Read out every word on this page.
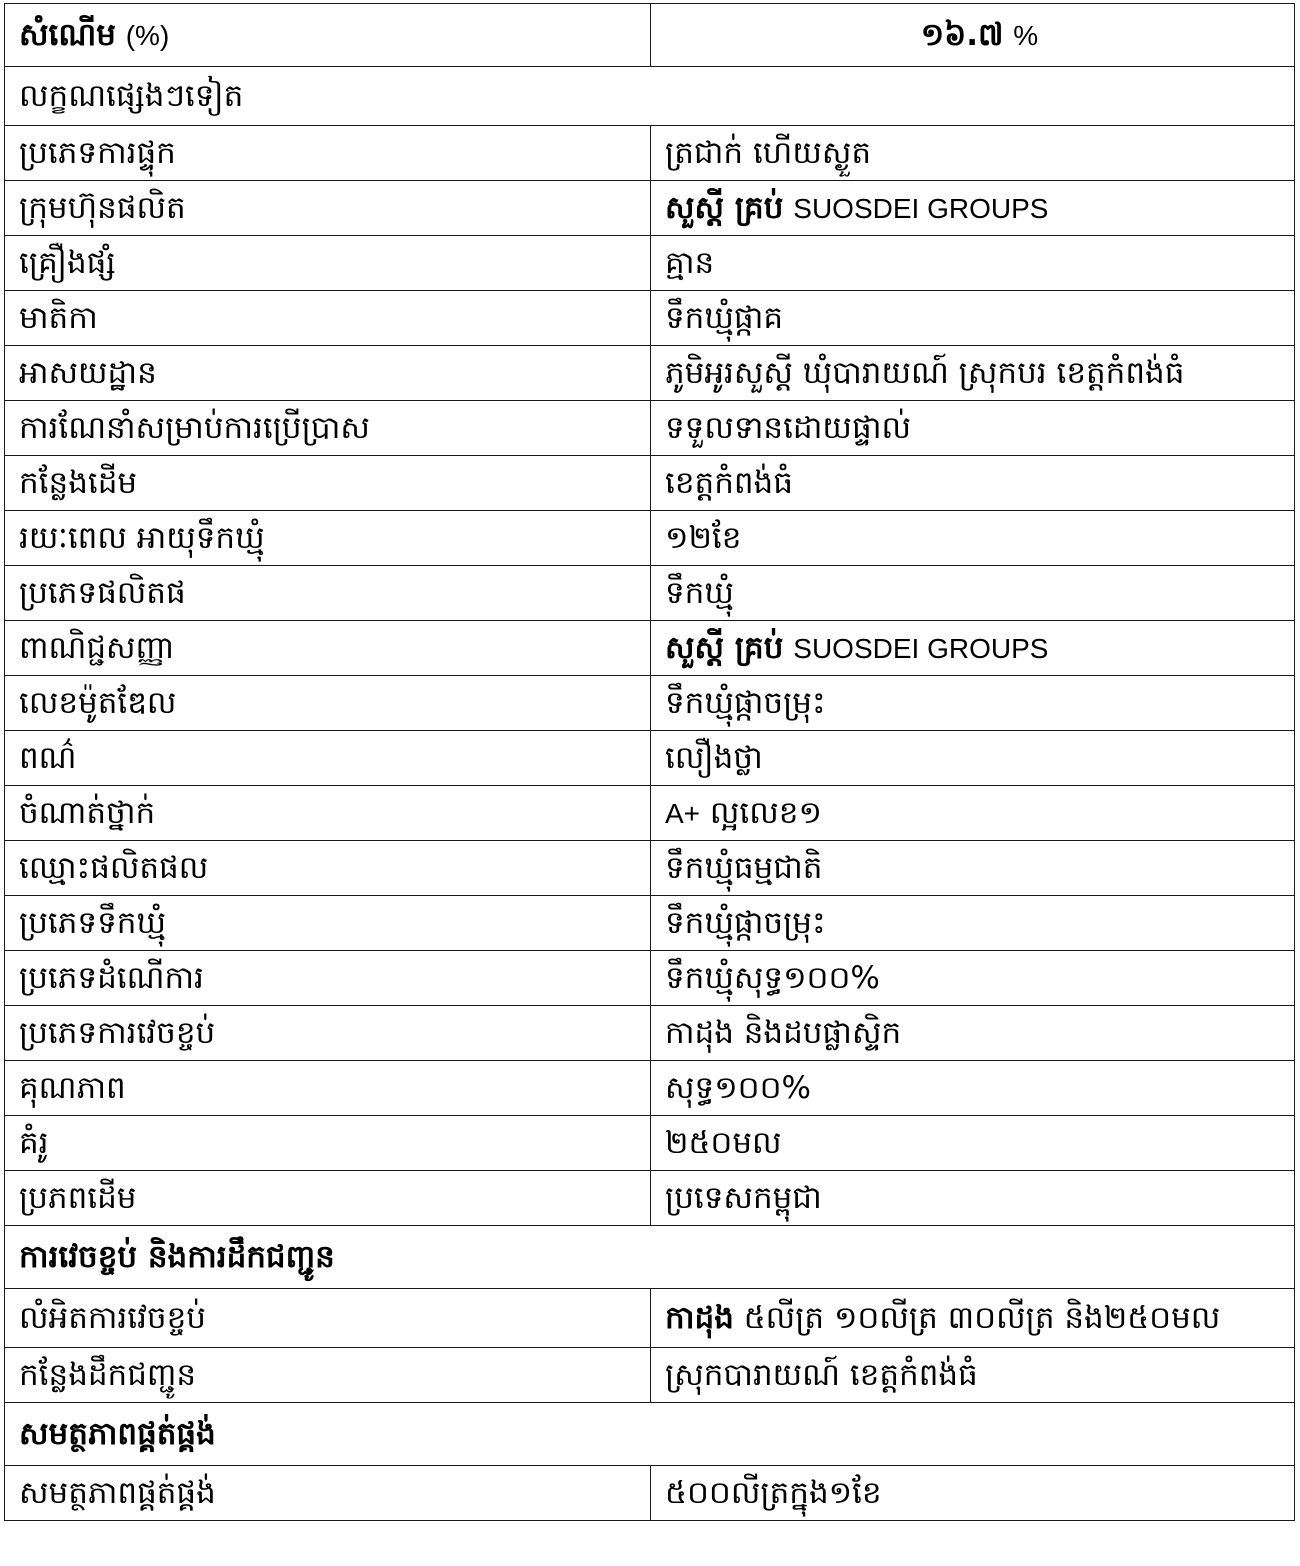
សំណើម (%)	១៦.៧ %
លក្ខណផ្សេងៗទៀត	
ប្រភេទការផ្ទុក	ត្រជាក់ ហើយស្ងួត
ក្រុមហ៊ុនផលិត	សួស្ដី គ្រប់ SUOSDEI GROUPS
គ្រឿងផ្សំ	គ្មាន
មាតិកា	ទឹកឃ្មុំផ្កាគ
អាសយដ្ឋាន	ភូមិអូរសួស្ដី ឃុំបារាយណ៍ ស្រុកបរ ខេត្តកំពង់ធំ
ការណែនាំសម្រាប់ការប្រើប្រាស	ទទួលទានដោយផ្ទាល់
កន្លែងដើម	ខេត្តកំពង់ធំ
រយៈពេល អាយុទឹកឃ្មុំ	១២ខែ
ប្រភេទផលិតផ	ទឹកឃ្មុំ
ពាណិជ្ជសញ្ញា	សួស្ដី គ្រប់ SUOSDEI GROUPS
លេខម៉ូតឌែល	ទឹកឃ្មុំផ្កាចម្រុះ
ពណ៌	លឿងថ្លា
ចំណាត់ថ្នាក់	A+ ល្អលេខ១
ឈ្មោះផលិតផល	ទឹកឃ្មុំធម្មជាតិ
ប្រភេទទឹកឃ្មុំ	ទឹកឃ្មុំផ្កាចម្រុះ
ប្រភេទដំណើការ	ទឹកឃ្មុំសុទ្ធ១០០%
ប្រភេទការវេចខ្ចប់	កាដុង និងដបផ្លាស្ទិក
គុណភាព	សុទ្ធ១០០%
គំរូ	២៥០មល
ប្រភពដើម	ប្រទេសកម្ពុជា
ការវេចខ្ចប់ និងការដឹកជញ្ជូន	
លំអិតការវេចខ្ចប់	កាដុង ៥លីត្រ ១០លីត្រ ៣០លីត្រ និង២៥០មល
កន្លែងដឹកជញ្ជូន	ស្រុកបារាយណ៍ ខេត្តកំពង់ធំ
សមត្ថភាពផ្គត់ផ្គង់	
សមត្ថភាពផ្គត់ផ្គង់	៥០០លីត្រក្នុង១ខែ
